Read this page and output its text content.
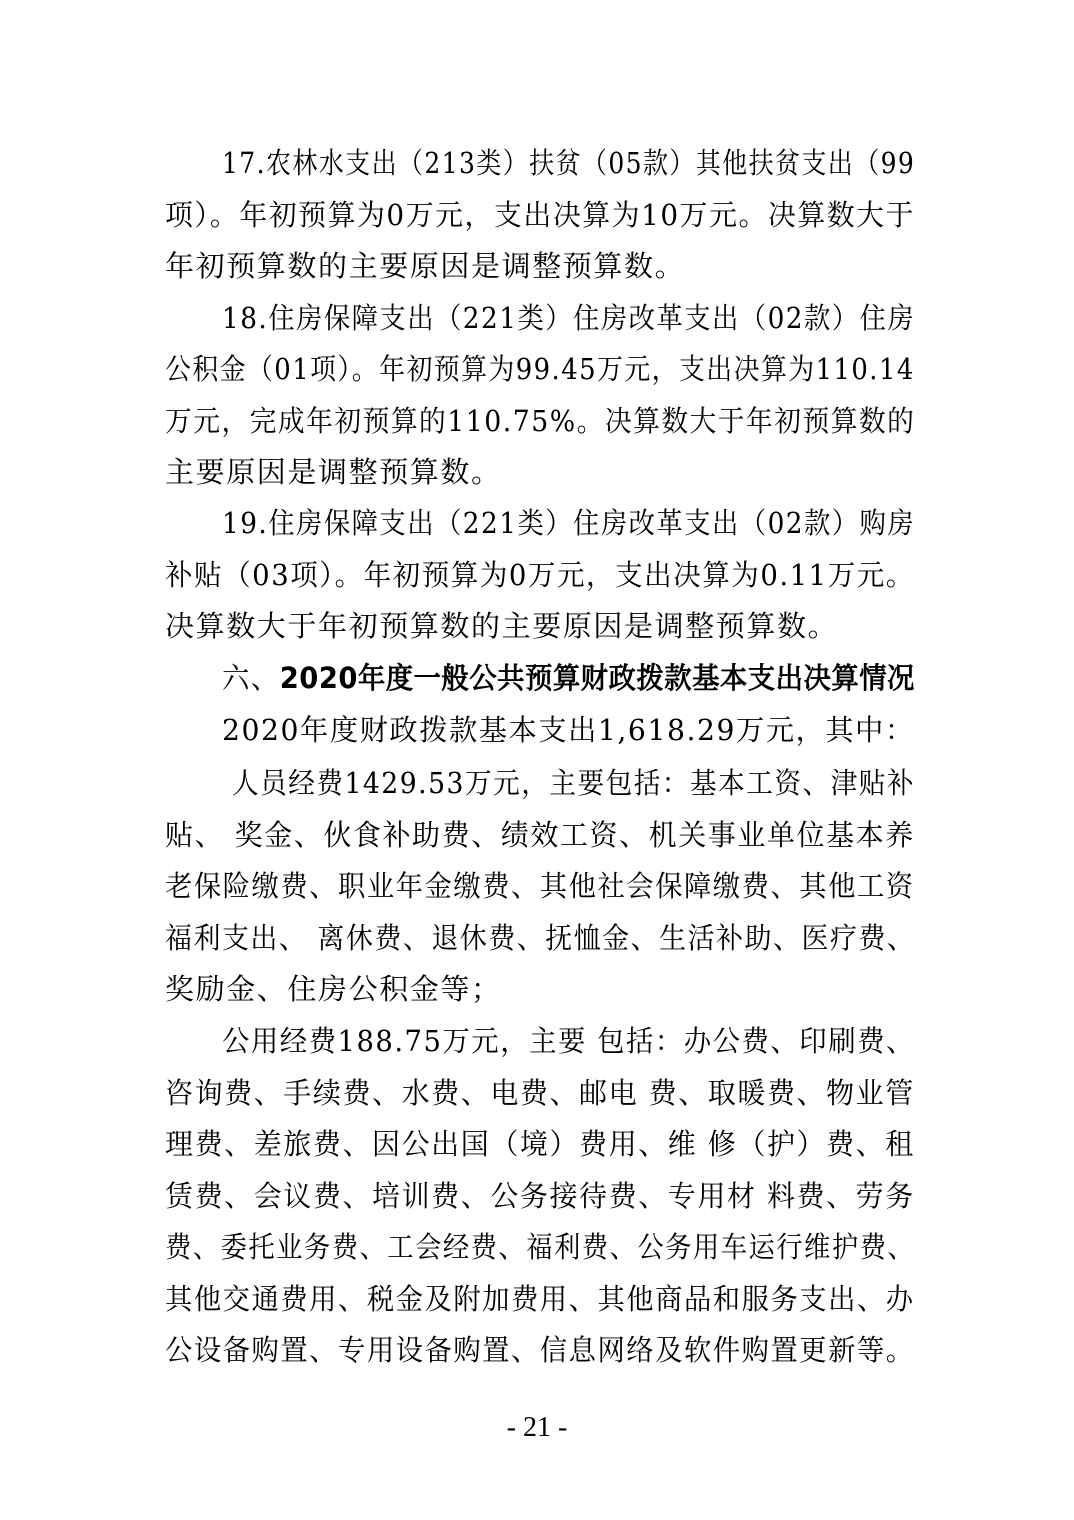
17.农林水支出（213类）扶贫（05款）其他扶贫支出（99
项）。年初预算为0万元，支出决算为10万元。决算数大于
年初预算数的主要原因是调整预算数。
18.住房保障支出（221类）住房改革支出（02款）住房
公积金（01项）。年初预算为99.45万元，支出决算为110.14
万元，完成年初预算的110.75%。决算数大于年初预算数的
主要原因是调整预算数。
19.住房保障支出（221类）住房改革支出（02款）购房
补贴（03项）。年初预算为0万元，支出决算为0.11万元。
决算数大于年初预算数的主要原因是调整预算数。
六、2020年度一般公共预算财政拨款基本支出决算情况
2020年度财政拨款基本支出1,618.29万元，其中：
人员经费1429.53万元，主要包括：基本工资、津贴补
贴、 奖金、伙食补助费、绩效工资、机关事业单位基本养
老保险缴费、职业年金缴费、其他社会保障缴费、其他工资
福利支出、 离休费、退休费、抚恤金、生活补助、医疗费、
奖励金、住房公积金等；
公用经费188.75万元，主要 包括：办公费、印刷费、
咨询费、手续费、水费、电费、邮电 费、取暖费、物业管
理费、差旅费、因公出国（境）费用、维 修（护）费、租
赁费、会议费、培训费、公务接待费、专用材 料费、劳务
费、委托业务费、工会经费、福利费、公务用车运行维护费、
其他交通费用、税金及附加费用、其他商品和服务支出、办
公设备购置、专用设备购置、信息网络及软件购置更新等。
- 21 -
